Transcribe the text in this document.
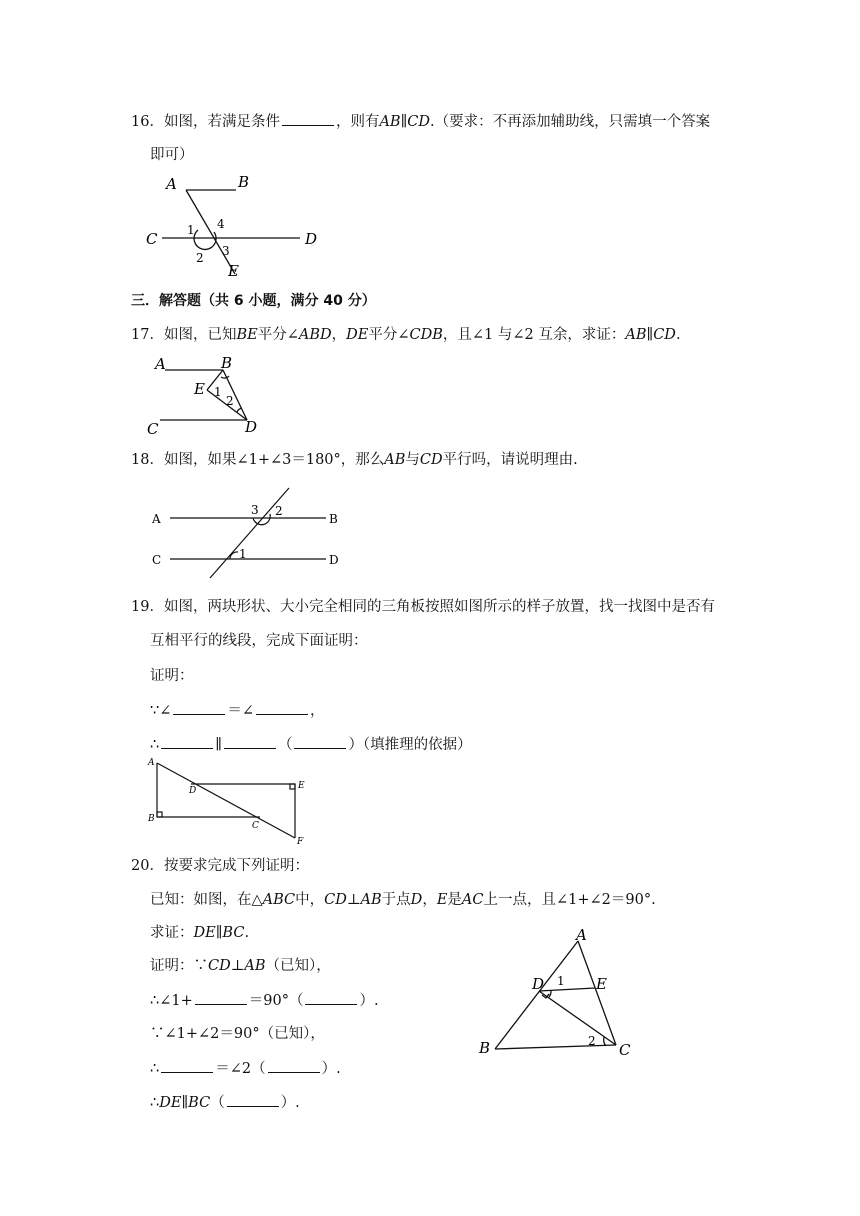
16．如图，若满足条件	，则有AB∥CD.（要求：不再添加辅助线，只需填一个答案
即可）
A	B
C	D
E
1
2 3
4
三．解答题（共 6 小题，满分 40 分）
17．如图，已知BE平分∠ABD，DE平分∠CDB，且∠1 与∠2 互余，求证：AB∥CD.
A	B
C	D
E 1
2
18．如图，如果∠1+∠3＝180°，那么AB与CD平行吗，请说明理由.
A	B
C	D
1
2
3
19．如图，两块形状、大小完全相同的三角板按照如图所示的样子放置，找一找图中是否有
互相平行的线段，完成下面证明：
证明：
∵∠	＝∠	，
∴	∥	（	）（填推理的依据）
A
B
C
D	E
F
20．按要求完成下列证明：
已知：如图，在△ABC中，CD⊥AB于点D，E是AC上一点，且∠1+∠2＝90°.
求证：DE∥BC.
证明：∵CD⊥AB（已知），
∴∠1+	＝90°（	）.
∵∠1+∠2＝90°（已知），
∴	＝∠2（	）.
∴DE∥BC（	）.
A
B	C
D	E
1
2
